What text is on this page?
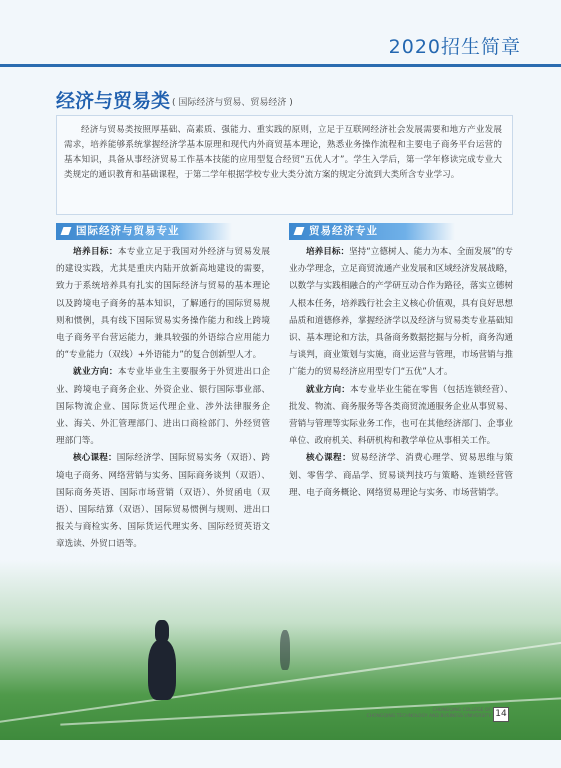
2020招生简章
经济与贸易类 ( 国际经济与贸易、贸易经济 )
经济与贸易类按照厚基础、高素质、强能力、重实践的原则，立足于互联网经济社会发展需要和地方产业发展需求，培养能够系统掌握经济学基本原理和现代内外商贸基本理论，熟悉业务操作流程和主要电子商务平台运营的基本知识，具备从事经济贸易工作基本技能的应用型复合经贸“五优人才”。学生入学后，第一学年修读完成专业大类规定的通识教育和基础课程，于第二学年根据学校专业大类分流方案的规定分流到大类所含专业学习。
国际经济与贸易专业	贸易经济专业

培养目标：本专业立足于我国对外经济与贸易发展的建设实践，尤其是重庆内陆开放新高地建设的需要，致力于系统培养具有扎实的国际经济与贸易的基本理论以及跨境电子商务的基本知识，了解通行的国际贸易规则和惯例，具有线下国际贸易实务操作能力和线上跨境电子商务平台营运能力，兼具较强的外语综合应用能力的“专业能力（双线）+外语能力”的复合创新型人才。

就业方向：本专业毕业生主要服务于外贸进出口企业、跨境电子商务企业、外资企业、银行国际事业部、国际物流企业、国际货运代理企业、涉外法律服务企业、海关、外汇管理部门、进出口商检部门、外经贸管理部门等。

核心课程：国际经济学、国际贸易实务（双语）、跨境电子商务、网络营销与实务、国际商务谈判（双语）、国际商务英语、国际市场营销（双语）、外贸函电（双语）、国际结算（双语）、国际贸易惯例与规则、进出口报关与商检实务、国际货运代理实务、国际经贸英语文章选读、外贸口语等。

培养目标：坚持“立德树人、能力为本、全面发展”的专业办学理念，立足商贸流通产业发展和区域经济发展战略，以数学与实践相融合的产学研互动合作为路径，落实立德树人根本任务，培养践行社会主义核心价值观，具有良好思想品质和道德修养，掌握经济学以及经济与贸易类专业基础知识、基本理论和方法，具备商务数据挖掘与分析，商务沟通与谈判，商业策划与实施，商业运营与管理，市场营销与推广能力的贸易经济应用型专门“五优”人才。

就业方向：本专业毕业生能在零售（包括连锁经营）、批发、物流、商务服务等各类商贸流通服务企业从事贸易、营销与管理等实际业务工作，也可在其他经济部门、企事业单位、政府机关、科研机构和教学单位从事相关工作。

核心课程：贸易经济学、消费心理学、贸易思维与策划、零售学、商品学、贸易谈判技巧与策略、连锁经营管理、电子商务概论、网络贸易理论与实务、市场营销学。

CHONGQING COLLEGE OF
CHONGQING TECHNOLOGY AND BUSINESS UNIVERSITY 14
